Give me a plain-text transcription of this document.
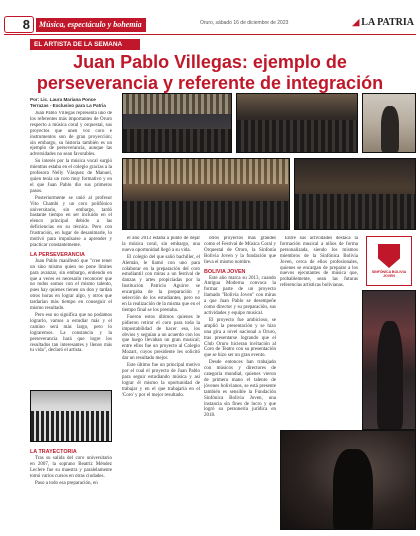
8	Música, espectáculo y bohemia	Oruro, sábado 16 de diciembre de 2023	◢ LA PATRIA
EL ARTISTA DE LA SEMANA
Juan Pablo Villegas: ejemplo de perseverancia y referente de integración
Por: Lic. Laura Mariana Ponce Terrazas - Exclusivo para La Patria

Juan Pablo Villegas representa uno de los referentes más importantes de Oruro respecto a música coral y orquestal, sus proyectos que unen voz coro e instrumentos son de gran proyección; sin embargo, su historia también es un ejemplo de perseverancia, aunque las adversidades no sean favorables.

Su interés por la música vocal surgió mientras estaba en el colegio gracias a la profesora Nelly Vásquez de Manuel, quien tenía un coro muy formativo y en el que Juan Pablo dio sus primeros pasos.

Posteriormente se unió al profesor Vito Chambi y un coro polifónico universitario, sin embargo, tardó bastante tiempo en ser incluido en el elenco principal debido a las deficiencias en su técnica. Pero con frustración, en lugar de desanimarle, lo motivó para impulsarse a aprender y practicar constantemente.

LA PERSEVERANCIA

Juan Pablo manifestó que "cree tener un sino mismo quien no pone límites para avanzar, sin embargo, entiendo en que a veces es necesario reconocer que no todos somos con el mismo talento, pues hay quienes tienen un don y tardan otros horas en lograr algo, y otros que tardarían más tiempo en conseguir el mismo resultado.

Pero eso no significa que no podamos lograrlo, vamos a estudiar más y el camino será más largo, pero lo lograremos. La constancia y la perseverancia hará que logre los resultados tan interesantes y llenos más tu vida", declaró el artista.

LA TRAYECTORIA

Tras su salida del coro universitario en 2007, la soprano Beatriz Méndez Leclere fue su maestra y paralelamente tomó varios cursos en otras ciudades.

Paso a todo esa preparación, en

el año 2013 estaba a punto de dejar la música coral, sin embargo, una nueva oportunidad llegó a su vida.

El colegio del que salió bachiller, el Alemán, le llamó con uno para colaborar en la preparación del coro estudiantil con miras a un festival de danzas y artes propiciadas por la Institución Patricio Aguirre se encargaba de la preparación y selección de los estudiantes, pero no en la realización de la misma que en el tiempo final se los prestaba.

Fueron estos últimos quienes le pidieron retirar el coro para toda la impostabilidad de hacer eso, los obvios y seguían a un acuerdo con los que luego llevaban un gran musical; entre ellos fue un proyecto al Colegio Mozart, cuyos presidente les solicitó dar un resultado mejor.

Este último fue un principal motivo por el cual el proyecto de Juan Pablo para seguir estudiando música y así lograr él mismo la oportunidad de trabajar y en el que trabajaría en el 'Coro' y por el mejor resultado.

otros proyectos más grandes como el Festival de Música Coral y Orquestal de Oruro, la Sinfonía Bolivia Joven y la fundación que lleva el mismo nombre.

BOLIVIA JOVEN

Este año marca su 2013, cuando Antigua Moderna convoca la formar parte de un proyecto llamado "Bolivia Joven" con miras a que Juan Pablo se desempeñe como director y su preparación, sus actividades y equipo musical.

El proyecto fue ambicioso, se amplió la presentación y se hizo una gira a nivel nacional a Oruro, tras presentarse logrando que el Club Oruro hicieran invitación al Coro de Teatro con su presentación que se hizo ser un gran evento.

Desde entonces han trabajado con músicos y directores de categoría mundial, quienes vieron de primera mano el talento de jóvenes bolivianos, se está presente también es sensible la Fundación Sinfónica Bolivia Joven, una instancia sin fines de lucro y que logró su personería jurídica en 2018.

Entre sus actividades destaca la formación musical a niños de forma personalizada, siendo los mismos miembros de la Sinfónica Bolivia Joven, cerca de ellos profesionales, quienes se encargan de preparar a los nuevos ejecutantes de música que, probablemente, sean las futuras referencias artísticas bolivianas.

SINFÓNICA BOLIVIA JOVEN
